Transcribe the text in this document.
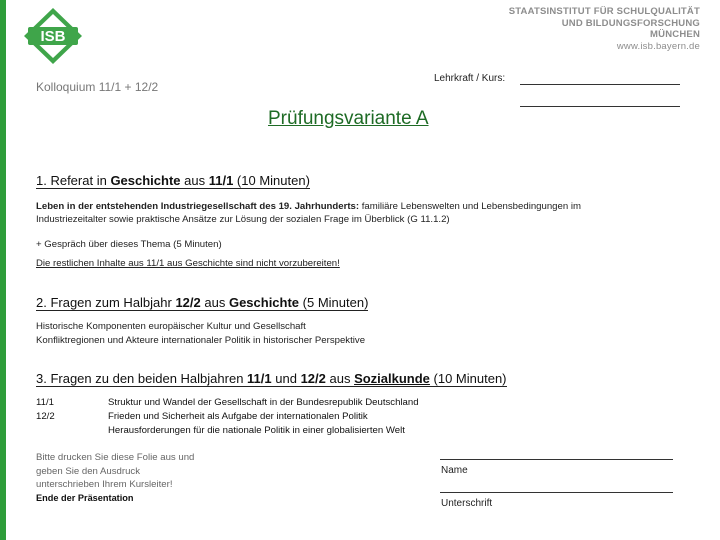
ISB
STAATSINSTITUT FÜR SCHULQUALITÄT
UND BILDUNGSFORSCHUNG
MÜNCHEN
www.isb.bayern.de
Kolloquium 11/1 + 12/2
Lehrkraft / Kurs:
Prüfungsvariante A
1. Referat in Geschichte aus 11/1 (10 Minuten)
Leben in der entstehenden Industriegesellschaft des 19. Jahrhunderts: familiäre Lebenswelten und Lebensbedingungen im
Industriezeitalter sowie praktische Ansätze zur Lösung der sozialen Frage im Überblick (G 11.1.2)
+ Gespräch über dieses Thema (5 Minuten)
Die restlichen Inhalte aus 11/1 aus Geschichte sind nicht vorzubereiten!
2. Fragen zum Halbjahr 12/2 aus Geschichte (5 Minuten)
Historische Komponenten europäischer Kultur und Gesellschaft
Konfliktregionen und Akteure internationaler Politik in historischer Perspektive
3. Fragen zu den beiden Halbjahren 11/1 und 12/2 aus Sozialkunde (10 Minuten)
11/1
12/2
Struktur und Wandel der Gesellschaft in der Bundesrepublik Deutschland
Frieden und Sicherheit als Aufgabe der internationalen Politik
Herausforderungen für die nationale Politik in einer globalisierten Welt
Bitte drucken Sie diese Folie aus und
geben Sie den Ausdruck
unterschrieben Ihrem Kursleiter!
Ende der Präsentation
Name
Unterschrift
